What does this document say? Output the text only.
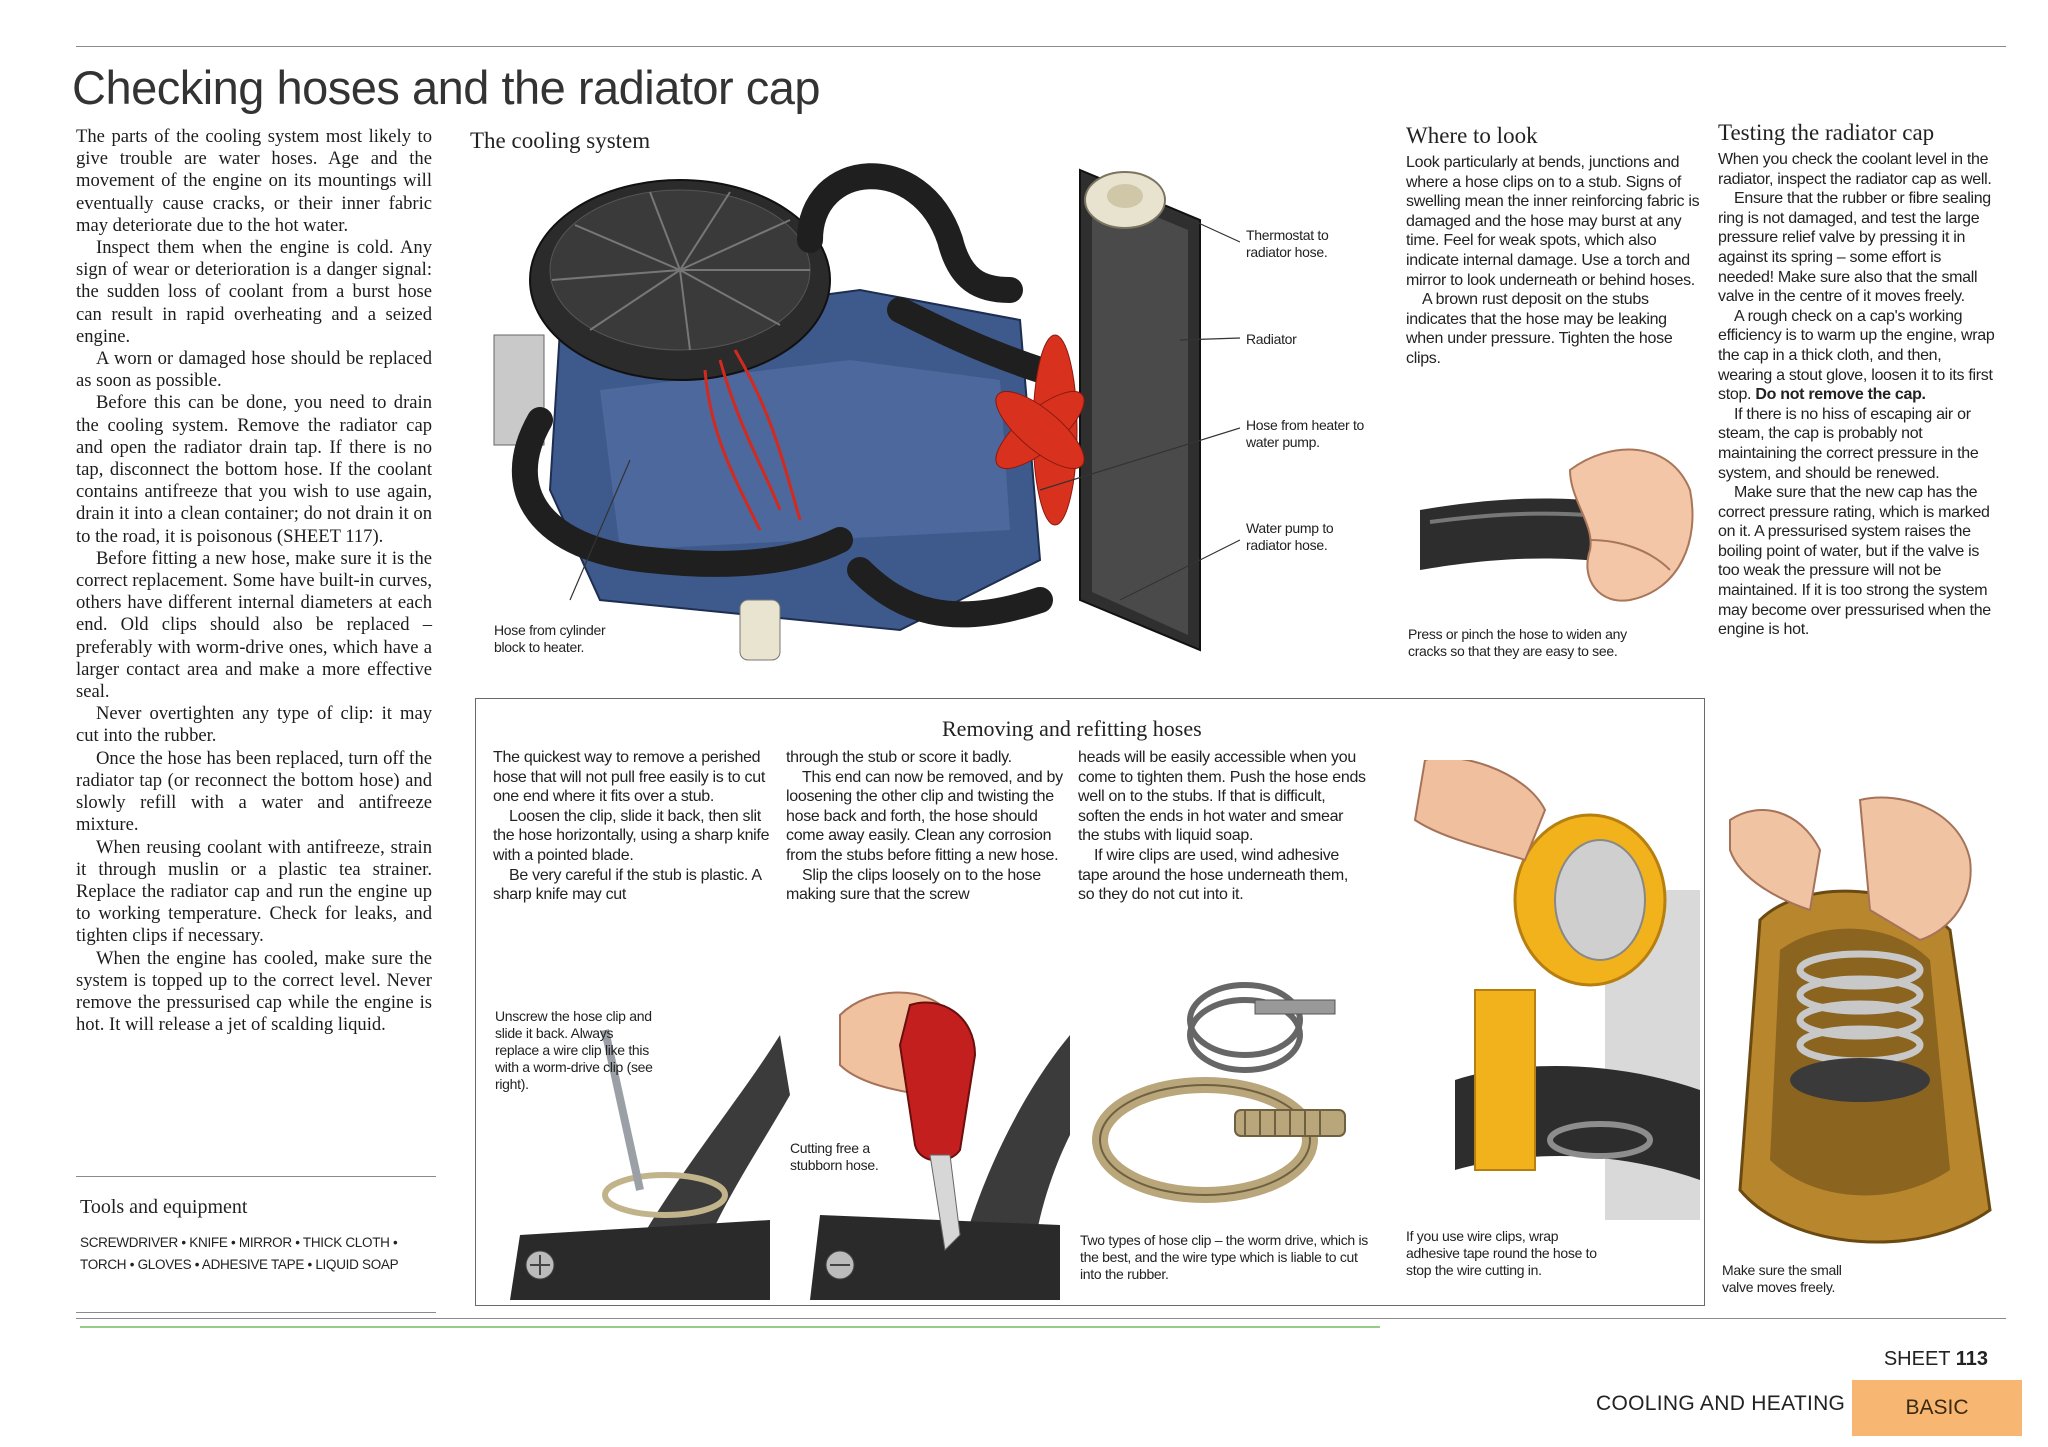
Checking hoses and the radiator cap

The parts of the cooling system most likely to give trouble are water hoses. Age and the movement of the engine on its mountings will eventually cause cracks, or their inner fabric may deteriorate due to the hot water.

Inspect them when the engine is cold. Any sign of wear or deterioration is a danger signal: the sudden loss of coolant from a burst hose can result in rapid overheating and a seized engine.

A worn or damaged hose should be replaced as soon as possible.

Before this can be done, you need to drain the cooling system. Remove the radiator cap and open the radiator drain tap. If there is no tap, disconnect the bottom hose. If the coolant contains antifreeze that you wish to use again, drain it into a clean container; do not drain it on to the road, it is poisonous (SHEET 117).

Before fitting a new hose, make sure it is the correct replacement. Some have built-in curves, others have different internal diameters at each end. Old clips should also be replaced – preferably with worm-drive ones, which have a larger contact area and make a more effective seal.

Never overtighten any type of clip: it may cut into the rubber.

Once the hose has been replaced, turn off the radiator tap (or reconnect the bottom hose) and slowly refill with a water and antifreeze mixture.

When reusing coolant with antifreeze, strain it through muslin or a plastic tea strainer. Replace the radiator cap and run the engine up to working temperature. Check for leaks, and tighten clips if necessary.

When the engine has cooled, make sure the system is topped up to the correct level. Never remove the pressurised cap while the engine is hot. It will release a jet of scalding liquid.

Tools and equipment
SCREWDRIVER • KNIFE • MIRROR • THICK CLOTH • TORCH • GLOVES • ADHESIVE TAPE • LIQUID SOAP
The cooling system
Thermostat to radiator hose.
Radiator
Hose from heater to water pump.
Water pump to radiator hose.
Hose from cylinder block to heater.
Where to look

Look particularly at bends, junctions and where a hose clips on to a stub. Signs of swelling mean the inner reinforcing fabric is damaged and the hose may burst at any time. Feel for weak spots, which also indicate internal damage. Use a torch and mirror to look underneath or behind hoses.

A brown rust deposit on the stubs indicates that the hose may be leaking when under pressure. Tighten the hose clips.

Press or pinch the hose to widen any cracks so that they are easy to see.
Testing the radiator cap

When you check the coolant level in the radiator, inspect the radiator cap as well.

Ensure that the rubber or fibre sealing ring is not damaged, and test the large pressure relief valve by pressing it in against its spring – some effort is needed! Make sure also that the small valve in the centre of it moves freely.

A rough check on a cap's working efficiency is to warm up the engine, wrap the cap in a thick cloth, and then, wearing a stout glove, loosen it to its first stop. Do not remove the cap.

If there is no hiss of escaping air or steam, the cap is probably not maintaining the correct pressure in the system, and should be renewed.

Make sure that the new cap has the correct pressure rating, which is marked on it. A pressurised system raises the boiling point of water, but if the valve is too weak the pressure will not be maintained. If it is too strong the system may become over pressurised when the engine is hot.

Removing and refitting hoses

The quickest way to remove a perished hose that will not pull free easily is to cut one end where it fits over a stub.

Loosen the clip, slide it back, then slit the hose horizontally, using a sharp knife with a pointed blade.

Be very careful if the stub is plastic. A sharp knife may cut

through the stub or score it badly.

This end can now be removed, and by loosening the other clip and twisting the hose back and forth, the hose should come away easily. Clean any corrosion from the stubs before fitting a new hose.

Slip the clips loosely on to the hose making sure that the screw

heads will be easily accessible when you come to tighten them. Push the hose ends well on to the stubs. If that is difficult, soften the ends in hot water and smear the stubs with liquid soap.

If wire clips are used, wind adhesive tape around the hose underneath them, so they do not cut into it.

Unscrew the hose clip and slide it back. Always replace a wire clip like this with a worm-drive clip (see right).
Cutting free a stubborn hose.
Two types of hose clip – the worm drive, which is the best, and the wire type which is liable to cut into the rubber.
If you use wire clips, wrap adhesive tape round the hose to stop the wire cutting in.	Make sure the small valve moves freely.
SHEET 113
COOLING AND HEATING	BASIC
